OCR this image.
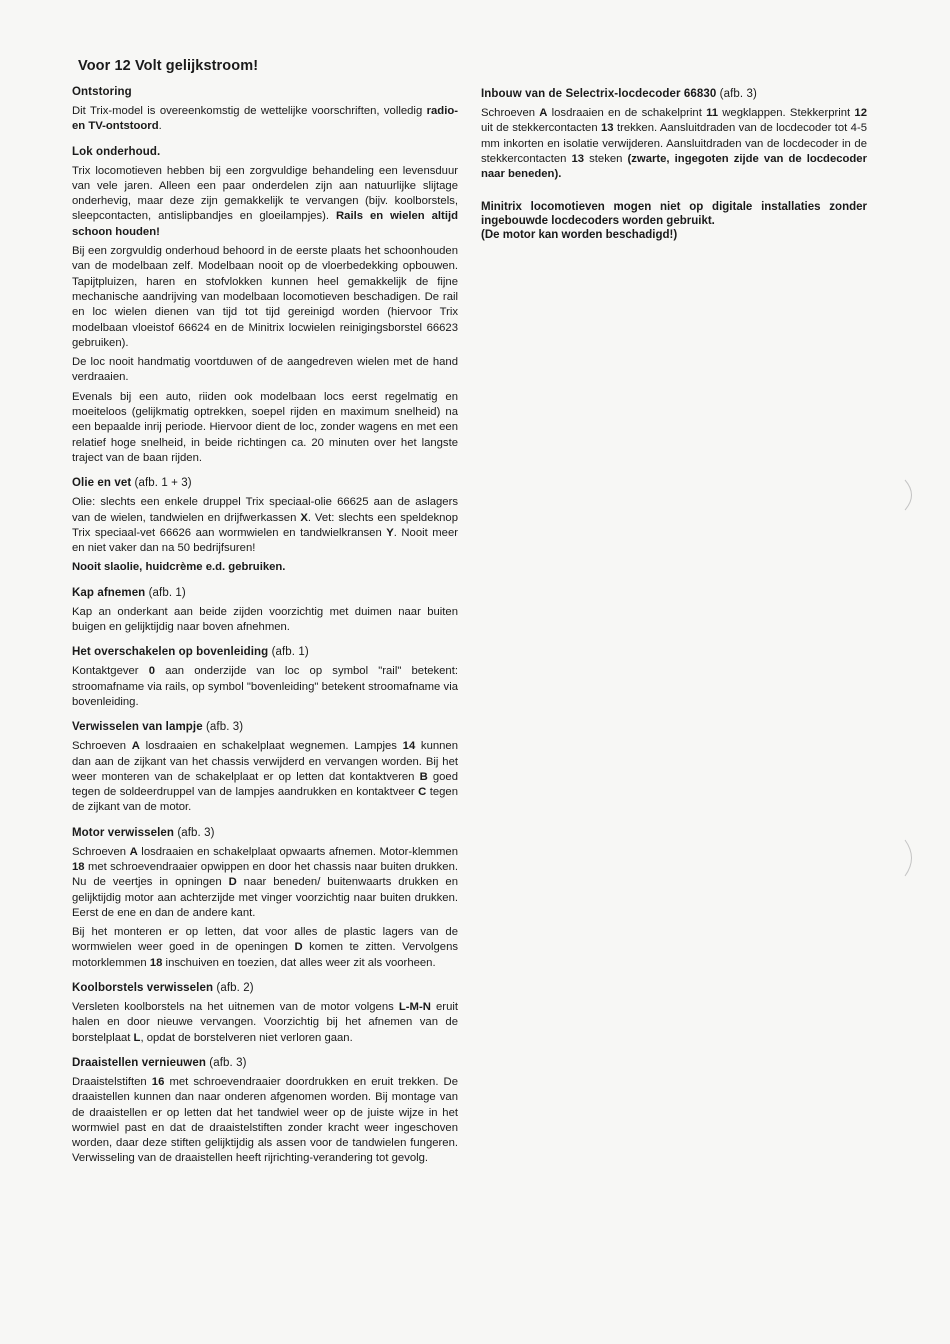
Voor 12 Volt gelijkstroom!
Ontstoring

Dit Trix-model is overeenkomstig de wettelijke voorschriften, volledig radio- en TV-ontstoord.

Lok onderhoud.

Trix locomotieven hebben bij een zorgvuldige behandeling een levensduur van vele jaren. Alleen een paar onderdelen zijn aan natuurlijke slijtage onderhevig, maar deze zijn gemakkelijk te vervangen (bijv. koolborstels, sleepcontacten, antislipbandjes en gloeilampjes). Rails en wielen altijd schoon houden!

Bij een zorgvuldig onderhoud behoord in de eerste plaats het schoonhouden van de modelbaan zelf. Modelbaan nooit op de vloerbedekking opbouwen. Tapijtpluizen, haren en stofvlokken kunnen heel gemakkelijk de fijne mechanische aandrijving van modelbaan locomotieven beschadigen. De rail en loc wielen dienen van tijd tot tijd gereinigd worden (hiervoor Trix modelbaan vloeistof 66624 en de Minitrix locwielen reinigingsborstel 66623 gebruiken).

De loc nooit handmatig voortduwen of de aangedreven wielen met de hand verdraaien.

Evenals bij een auto, riiden ook modelbaan locs eerst regelmatig en moeiteloos (gelijkmatig optrekken, soepel rijden en maximum snelheid) na een bepaalde inrij periode. Hiervoor dient de loc, zonder wagens en met een relatief hoge snelheid, in beide richtingen ca. 20 minuten over het langste traject van de baan rijden.

Olie en vet (afb. 1 + 3)

Olie: slechts een enkele druppel Trix speciaal-olie 66625 aan de aslagers van de wielen, tandwielen en drijfwerkassen X. Vet: slechts een speldeknop Trix speciaal-vet 66626 aan wormwielen en tandwielkransen Y. Nooit meer en niet vaker dan na 50 bedrijfsuren!

Nooit slaolie, huidcrème e.d. gebruiken.

Kap afnemen (afb. 1)

Kap an onderkant aan beide zijden voorzichtig met duimen naar buiten buigen en gelijktijdig naar boven afnehmen.

Het overschakelen op bovenleiding (afb. 1)

Kontaktgever 0 aan onderzijde van loc op symbol "rail" betekent: stroomafname via rails, op symbol "bovenleiding" betekent stroomafname via bovenleiding.

Verwisselen van lampje (afb. 3)

Schroeven A losdraaien en schakelplaat wegnemen. Lampjes 14 kunnen dan aan de zijkant van het chassis verwijderd en vervangen worden. Bij het weer monteren van de schakelplaat er op letten dat kontaktveren B goed tegen de soldeerdruppel van de lampjes aandrukken en kontaktveer C tegen de zijkant van de motor.

Motor verwisselen (afb. 3)

Schroeven A losdraaien en schakelplaat opwaarts afnemen. Motor-klemmen 18 met schroevendraaier opwippen en door het chassis naar buiten drukken. Nu de veertjes in opningen D naar beneden/ buitenwaarts drukken en gelijktijdig motor aan achterzijde met vinger voorzichtig naar buiten drukken. Eerst de ene en dan de andere kant.

Bij het monteren er op letten, dat voor alles de plastic lagers van de wormwielen weer goed in de openingen D komen te zitten. Vervolgens motorklemmen 18 inschuiven en toezien, dat alles weer zit als voorheen.

Koolborstels verwisselen (afb. 2)

Versleten koolborstels na het uitnemen van de motor volgens L-M-N eruit halen en door nieuwe vervangen. Voorzichtig bij het afnemen van de borstelplaat L, opdat de borstelveren niet verloren gaan.

Draaistellen vernieuwen (afb. 3)

Draaistelstiften 16 met schroevendraaier doordrukken en eruit trekken. De draaistellen kunnen dan naar onderen afgenomen worden. Bij montage van de draaistellen er op letten dat het tandwiel weer op de juiste wijze in het wormwiel past en dat de draaistelstiften zonder kracht weer ingeschoven worden, daar deze stiften gelijktijdig als assen voor de tandwielen fungeren. Verwisseling van de draaistellen heeft rijrichting-verandering tot gevolg.

Inbouw van de Selectrix-locdecoder 66830 (afb. 3)

Schroeven A losdraaien en de schakelprint 11 wegklappen. Stekkerprint 12 uit de stekkercontacten 13 trekken. Aansluitdraden van de locdecoder tot 4-5 mm inkorten en isolatie verwijderen. Aansluitdraden van de locdecoder in de stekkercontacten 13 steken (zwarte, ingegoten zijde van de locdecoder naar beneden).

Minitrix locomotieven mogen niet op digitale installaties zonder ingebouwde locdecoders worden gebruikt.

(De motor kan worden beschadigd!)
